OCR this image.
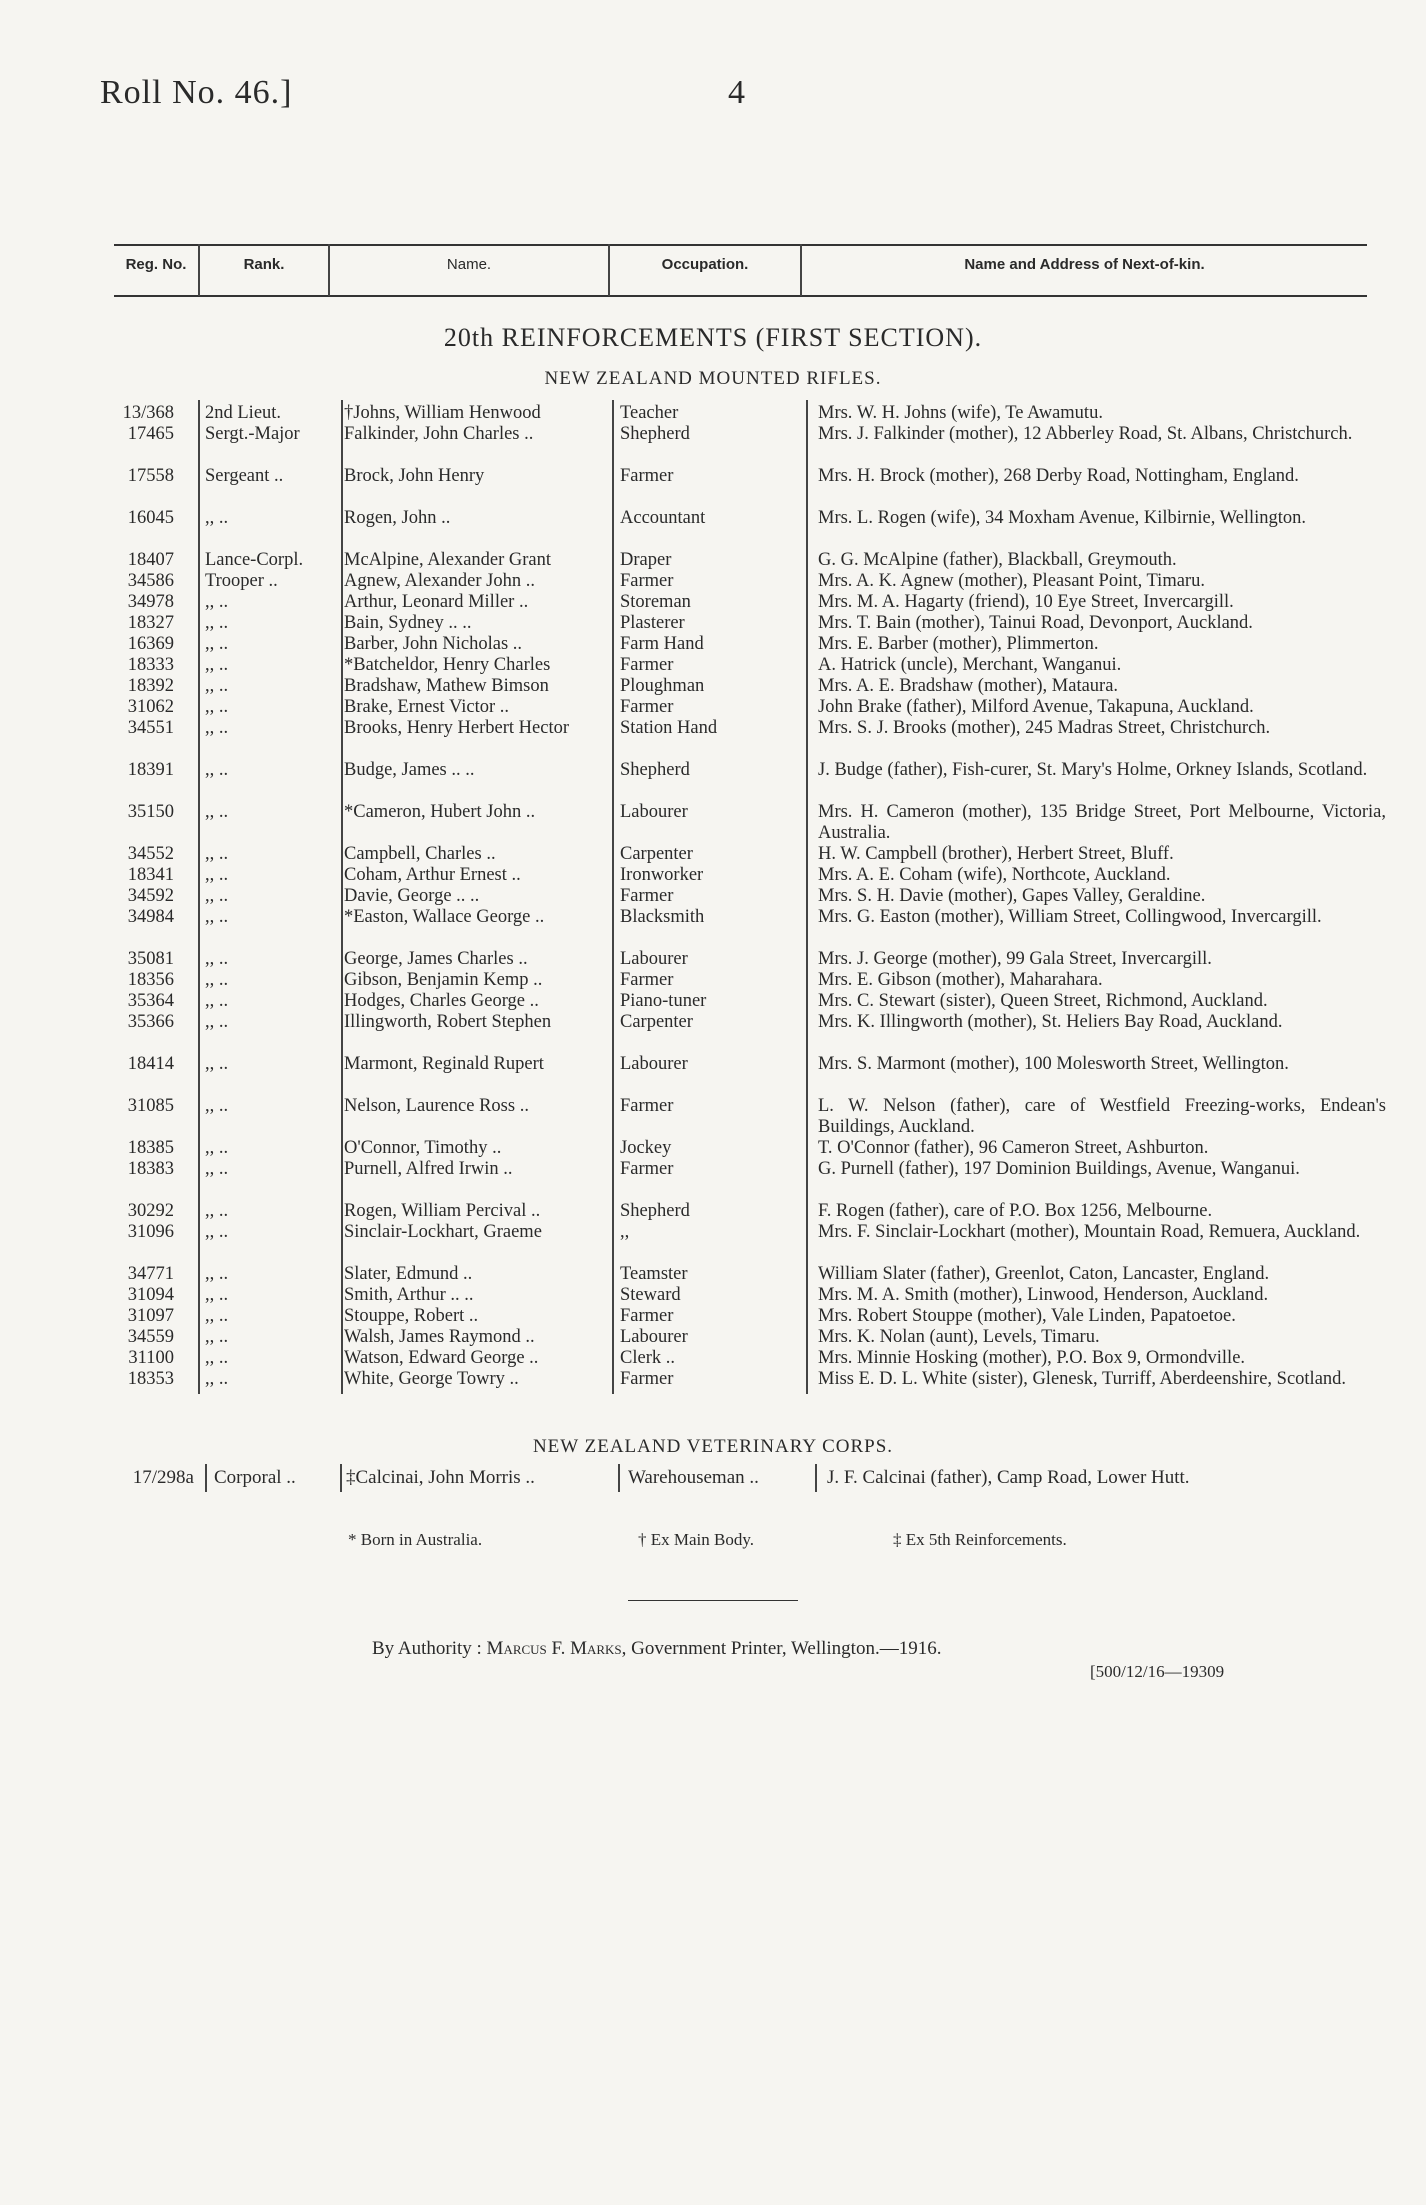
Roll No. 46.]	4
Reg. No.	Rank.	Name.	Occupation.	Name and Address of Next-of-kin.
20th REINFORCEMENTS (FIRST SECTION).
NEW ZEALAND MOUNTED RIFLES.
13/368 2nd Lieut.	†Johns, William Henwood	Teacher	Mrs. W. H. Johns (wife), Te Awamutu.
17465 Sergt.-Major	Falkinder, John Charles ..	Shepherd	Mrs. J. Falkinder (mother), 12 Abberley Road, St. Albans, Christchurch.
17558 Sergeant ..	Brock, John Henry	Farmer	Mrs. H. Brock (mother), 268 Derby Road, Nottingham, England.
16045 ,, ..	Rogen, John ..	Accountant	Mrs. L. Rogen (wife), 34 Moxham Avenue, Kilbirnie, Wellington.
18407 Lance-Corpl.	McAlpine, Alexander Grant	Draper	G. G. McAlpine (father), Blackball, Greymouth.
34586 Trooper ..	Agnew, Alexander John ..	Farmer	Mrs. A. K. Agnew (mother), Pleasant Point, Timaru.
34978 ,, ..	Arthur, Leonard Miller ..	Storeman	Mrs. M. A. Hagarty (friend), 10 Eye Street, Invercargill.
18327 ,, ..	Bain, Sydney .. ..	Plasterer	Mrs. T. Bain (mother), Tainui Road, Devonport, Auckland.
16369 ,, ..	Barber, John Nicholas ..	Farm Hand	Mrs. E. Barber (mother), Plimmerton.
18333 ,, ..	*Batcheldor, Henry Charles	Farmer	A. Hatrick (uncle), Merchant, Wanganui.
18392 ,, ..	Bradshaw, Mathew Bimson	Ploughman	Mrs. A. E. Bradshaw (mother), Mataura.
31062 ,, ..	Brake, Ernest Victor ..	Farmer	John Brake (father), Milford Avenue, Takapuna, Auckland.
34551 ,, ..	Brooks, Henry Herbert Hector	Station Hand	Mrs. S. J. Brooks (mother), 245 Madras Street, Christchurch.
18391 ,, ..	Budge, James .. ..	Shepherd	J. Budge (father), Fish-curer, St. Mary's Holme, Orkney Islands, Scotland.
35150 ,, ..	*Cameron, Hubert John ..	Labourer	Mrs. H. Cameron (mother), 135 Bridge Street, Port Melbourne, Victoria, Australia.
34552 ,, ..	Campbell, Charles ..	Carpenter	H. W. Campbell (brother), Herbert Street, Bluff.
18341 ,, ..	Coham, Arthur Ernest ..	Ironworker	Mrs. A. E. Coham (wife), Northcote, Auckland.
34592 ,, ..	Davie, George .. ..	Farmer	Mrs. S. H. Davie (mother), Gapes Valley, Geraldine.
34984 ,, ..	*Easton, Wallace George ..	Blacksmith	Mrs. G. Easton (mother), William Street, Collingwood, Invercargill.
35081 ,, ..	George, James Charles ..	Labourer	Mrs. J. George (mother), 99 Gala Street, Invercargill.
18356 ,, ..	Gibson, Benjamin Kemp ..	Farmer	Mrs. E. Gibson (mother), Maharahara.
35364 ,, ..	Hodges, Charles George ..	Piano-tuner	Mrs. C. Stewart (sister), Queen Street, Richmond, Auckland.
35366 ,, ..	Illingworth, Robert Stephen	Carpenter	Mrs. K. Illingworth (mother), St. Heliers Bay Road, Auckland.
18414 ,, ..	Marmont, Reginald Rupert	Labourer	Mrs. S. Marmont (mother), 100 Molesworth Street, Wellington.
31085 ,, ..	Nelson, Laurence Ross ..	Farmer	L. W. Nelson (father), care of Westfield Freezing-works, Endean's Buildings, Auckland.
18385 ,, ..	O'Connor, Timothy ..	Jockey	T. O'Connor (father), 96 Cameron Street, Ashburton.
18383 ,, ..	Purnell, Alfred Irwin ..	Farmer	G. Purnell (father), 197 Dominion Buildings, Avenue, Wanganui.
30292 ,, ..	Rogen, William Percival ..	Shepherd	F. Rogen (father), care of P.O. Box 1256, Melbourne.
31096 ,, ..	Sinclair-Lockhart, Graeme	,,	Mrs. F. Sinclair-Lockhart (mother), Mountain Road, Remuera, Auckland.
34771 ,, ..	Slater, Edmund ..	Teamster	William Slater (father), Greenlot, Caton, Lancaster, England.
31094 ,, ..	Smith, Arthur .. ..	Steward	Mrs. M. A. Smith (mother), Linwood, Henderson, Auckland.
31097 ,, ..	Stouppe, Robert ..	Farmer	Mrs. Robert Stouppe (mother), Vale Linden, Papatoetoe.
34559 ,, ..	Walsh, James Raymond ..	Labourer	Mrs. K. Nolan (aunt), Levels, Timaru.
31100 ,, ..	Watson, Edward George ..	Clerk ..	Mrs. Minnie Hosking (mother), P.O. Box 9, Ormondville.
18353 ,, ..	White, George Towry ..	Farmer	Miss E. D. L. White (sister), Glenesk, Turriff, Aberdeenshire, Scotland.
NEW ZEALAND VETERINARY CORPS.
17/298a Corporal ..	‡Calcinai, John Morris ..	Warehouseman ..	J. F. Calcinai (father), Camp Road, Lower Hutt.
* Born in Australia.	† Ex Main Body.	‡ Ex 5th Reinforcements.
By Authority : Marcus F. Marks, Government Printer, Wellington.—1916.
[500/12/16—19309
